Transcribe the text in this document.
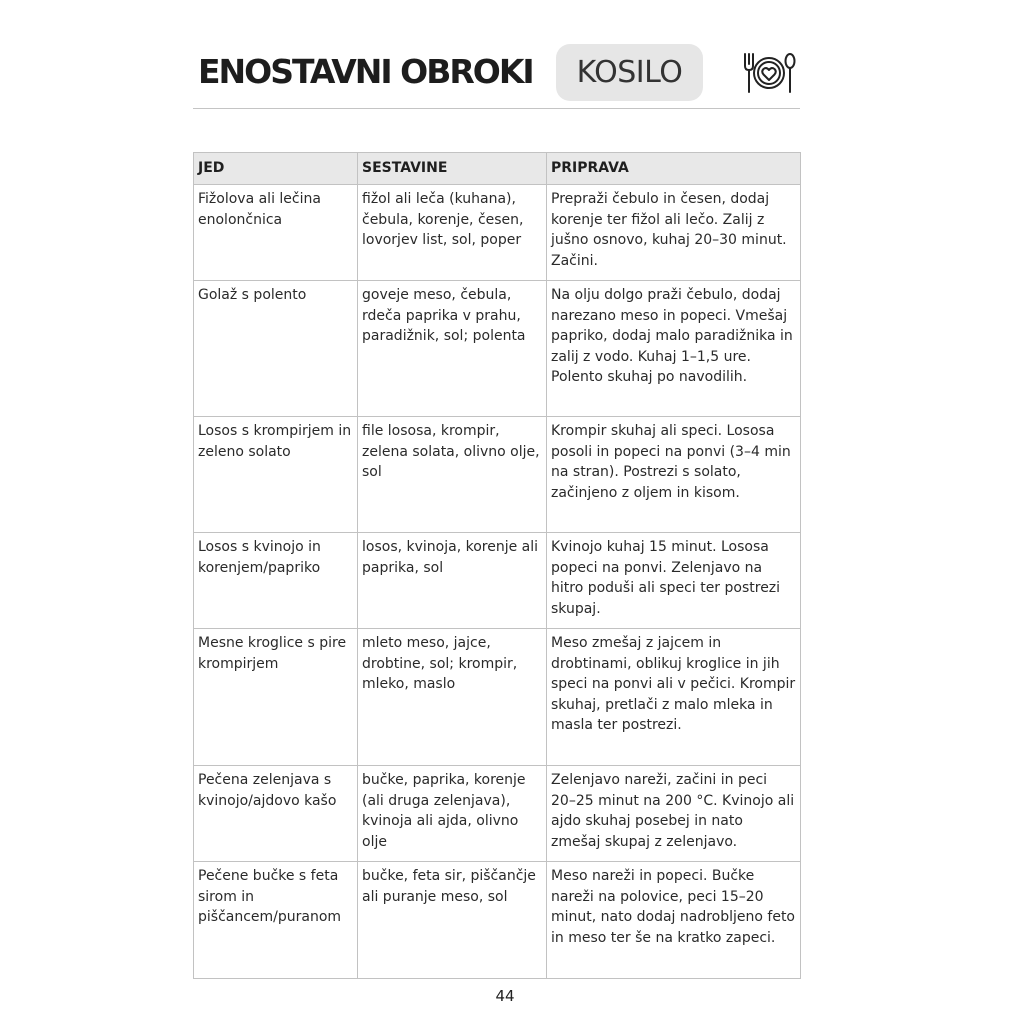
ENOSTAVNI OBROKI	KOSILO
JED	SESTAVINE	PRIPRAVA
Fižolova ali lečina enolončnica	fižol ali leča (kuhana), čebula, korenje, česen, lovorjev list, sol, poper	Prepraži čebulo in česen, dodaj korenje ter fižol ali lečo. Zalij z jušno osnovo, kuhaj 20–30 minut. Začini.
Golaž s polento	goveje meso, čebula, rdeča paprika v prahu, paradižnik, sol; polenta	Na olju dolgo praži čebulo, dodaj narezano meso in popeci. Vmešaj papriko, dodaj malo paradižnika in zalij z vodo. Kuhaj 1–1,5 ure. Polento skuhaj po navodilih.
Losos s krompirjem in zeleno solato	file lososa, krompir, zelena solata, olivno olje, sol	Krompir skuhaj ali speci. Lososa posoli in popeci na ponvi (3–4 min na stran). Postrezi s solato, začinjeno z oljem in kisom.
Losos s kvinojo in korenjem/papriko	losos, kvinoja, korenje ali paprika, sol	Kvinojo kuhaj 15 minut. Lososa popeci na ponvi. Zelenjavo na hitro poduši ali speci ter postrezi skupaj.
Mesne kroglice s pire krompirjem	mleto meso, jajce, drobtine, sol; krompir, mleko, maslo	Meso zmešaj z jajcem in drobtinami, oblikuj kroglice in jih speci na ponvi ali v pečici. Krompir skuhaj, pretlači z malo mleka in masla ter postrezi.
Pečena zelenjava s kvinojo/ajdovo kašo	bučke, paprika, korenje (ali druga zelenjava), kvinoja ali ajda, olivno olje	Zelenjavo nareži, začini in peci 20–25 minut na 200 °C. Kvinojo ali ajdo skuhaj posebej in nato zmešaj skupaj z zelenjavo.
Pečene bučke s feta sirom in piščancem/puranom	bučke, feta sir, piščančje ali puranje meso, sol	Meso nareži in popeci. Bučke nareži na polovice, peci 15–20 minut, nato dodaj nadrobljeno feto in meso ter še na kratko zapeci.
44
